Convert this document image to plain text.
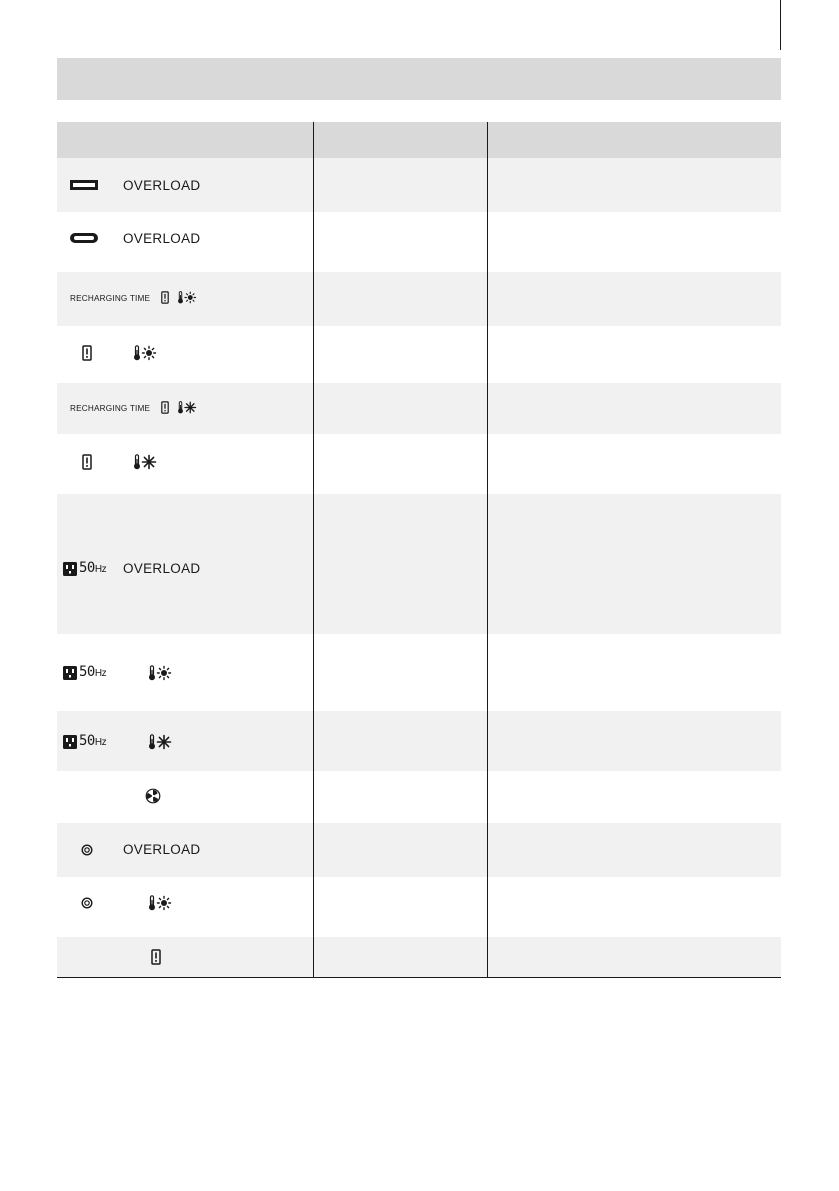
OVERLOAD
OVERLOAD
RECHARGING TIME
RECHARGING TIME
50Hz OVERLOAD
50Hz
50Hz
OVERLOAD
